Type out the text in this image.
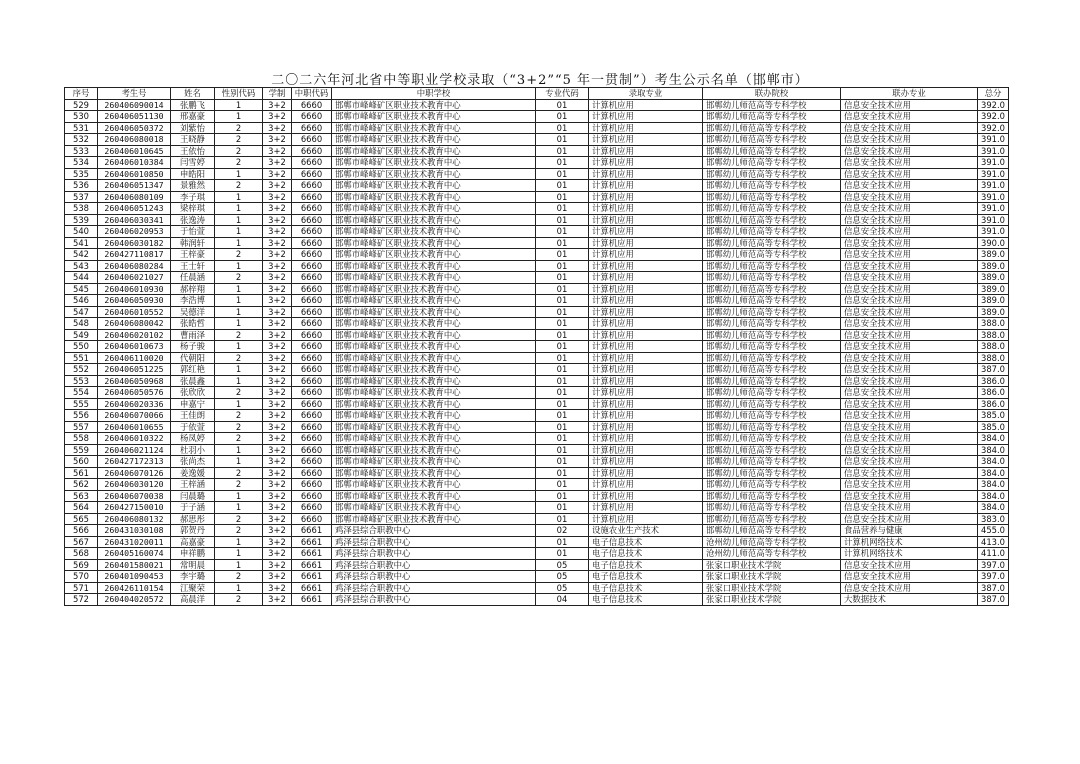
二〇二六年河北省中等职业学校录取（“3+2”“5 年一贯制”）考生公示名单（邯郸市）
序号	考生号	姓名	性别代码	学制	中职代码	中职学校	专业代码	录取专业	联办院校	联办专业	总分
529	260406090014	张鹏飞	1	3+2	6660	邯郸市峰峰矿区职业技术教育中心	01	计算机应用	邯郸幼儿师范高等专科学校	信息安全技术应用	392.0
530	260406051130	邢嘉豪	1	3+2	6660	邯郸市峰峰矿区职业技术教育中心	01	计算机应用	邯郸幼儿师范高等专科学校	信息安全技术应用	392.0
531	260406050372	刘紫怡	2	3+2	6660	邯郸市峰峰矿区职业技术教育中心	01	计算机应用	邯郸幼儿师范高等专科学校	信息安全技术应用	392.0
532	260406080018	王晓静	2	3+2	6660	邯郸市峰峰矿区职业技术教育中心	01	计算机应用	邯郸幼儿师范高等专科学校	信息安全技术应用	391.0
533	260406010645	王依怡	2	3+2	6660	邯郸市峰峰矿区职业技术教育中心	01	计算机应用	邯郸幼儿师范高等专科学校	信息安全技术应用	391.0
534	260406010384	闫雪婷	2	3+2	6660	邯郸市峰峰矿区职业技术教育中心	01	计算机应用	邯郸幼儿师范高等专科学校	信息安全技术应用	391.0
535	260406010850	申皓阳	1	3+2	6660	邯郸市峰峰矿区职业技术教育中心	01	计算机应用	邯郸幼儿师范高等专科学校	信息安全技术应用	391.0
536	260406051347	景雅然	2	3+2	6660	邯郸市峰峰矿区职业技术教育中心	01	计算机应用	邯郸幼儿师范高等专科学校	信息安全技术应用	391.0
537	260406080109	李子琪	1	3+2	6660	邯郸市峰峰矿区职业技术教育中心	01	计算机应用	邯郸幼儿师范高等专科学校	信息安全技术应用	391.0
538	260406051243	梁梓琪	1	3+2	6660	邯郸市峰峰矿区职业技术教育中心	01	计算机应用	邯郸幼儿师范高等专科学校	信息安全技术应用	391.0
539	260406030341	张逸涛	1	3+2	6660	邯郸市峰峰矿区职业技术教育中心	01	计算机应用	邯郸幼儿师范高等专科学校	信息安全技术应用	391.0
540	260406020953	于怡萱	1	3+2	6660	邯郸市峰峰矿区职业技术教育中心	01	计算机应用	邯郸幼儿师范高等专科学校	信息安全技术应用	391.0
541	260406030182	韩润轩	1	3+2	6660	邯郸市峰峰矿区职业技术教育中心	01	计算机应用	邯郸幼儿师范高等专科学校	信息安全技术应用	390.0
542	260427110817	王梓豪	2	3+2	6660	邯郸市峰峰矿区职业技术教育中心	01	计算机应用	邯郸幼儿师范高等专科学校	信息安全技术应用	389.0
543	260406080284	王士轩	1	3+2	6660	邯郸市峰峰矿区职业技术教育中心	01	计算机应用	邯郸幼儿师范高等专科学校	信息安全技术应用	389.0
544	260406021027	任晨涵	2	3+2	6660	邯郸市峰峰矿区职业技术教育中心	01	计算机应用	邯郸幼儿师范高等专科学校	信息安全技术应用	389.0
545	260406010930	郝梓翔	1	3+2	6660	邯郸市峰峰矿区职业技术教育中心	01	计算机应用	邯郸幼儿师范高等专科学校	信息安全技术应用	389.0
546	260406050930	李浩博	1	3+2	6660	邯郸市峰峰矿区职业技术教育中心	01	计算机应用	邯郸幼儿师范高等专科学校	信息安全技术应用	389.0
547	260406010552	吴德洋	1	3+2	6660	邯郸市峰峰矿区职业技术教育中心	01	计算机应用	邯郸幼儿师范高等专科学校	信息安全技术应用	389.0
548	260406080042	张皓哲	1	3+2	6660	邯郸市峰峰矿区职业技术教育中心	01	计算机应用	邯郸幼儿师范高等专科学校	信息安全技术应用	388.0
549	260406020102	曹雨泽	2	3+2	6660	邯郸市峰峰矿区职业技术教育中心	01	计算机应用	邯郸幼儿师范高等专科学校	信息安全技术应用	388.0
550	260406010673	杨子骏	1	3+2	6660	邯郸市峰峰矿区职业技术教育中心	01	计算机应用	邯郸幼儿师范高等专科学校	信息安全技术应用	388.0
551	260406110020	代朝阳	2	3+2	6660	邯郸市峰峰矿区职业技术教育中心	01	计算机应用	邯郸幼儿师范高等专科学校	信息安全技术应用	388.0
552	260406051225	郭红艳	1	3+2	6660	邯郸市峰峰矿区职业技术教育中心	01	计算机应用	邯郸幼儿师范高等专科学校	信息安全技术应用	387.0
553	260406050968	张晨鑫	1	3+2	6660	邯郸市峰峰矿区职业技术教育中心	01	计算机应用	邯郸幼儿师范高等专科学校	信息安全技术应用	386.0
554	260406050576	张欣欣	2	3+2	6660	邯郸市峰峰矿区职业技术教育中心	01	计算机应用	邯郸幼儿师范高等专科学校	信息安全技术应用	386.0
555	260406020336	申嘉宁	1	3+2	6660	邯郸市峰峰矿区职业技术教育中心	01	计算机应用	邯郸幼儿师范高等专科学校	信息安全技术应用	386.0
556	260406070066	王佳朗	2	3+2	6660	邯郸市峰峰矿区职业技术教育中心	01	计算机应用	邯郸幼儿师范高等专科学校	信息安全技术应用	385.0
557	260406010655	于依萱	2	3+2	6660	邯郸市峰峰矿区职业技术教育中心	01	计算机应用	邯郸幼儿师范高等专科学校	信息安全技术应用	385.0
558	260406010322	杨凤婷	2	3+2	6660	邯郸市峰峰矿区职业技术教育中心	01	计算机应用	邯郸幼儿师范高等专科学校	信息安全技术应用	384.0
559	260406021124	杜羽小	1	3+2	6660	邯郸市峰峰矿区职业技术教育中心	01	计算机应用	邯郸幼儿师范高等专科学校	信息安全技术应用	384.0
560	260427172313	张尚杰	1	3+2	6660	邯郸市峰峰矿区职业技术教育中心	01	计算机应用	邯郸幼儿师范高等专科学校	信息安全技术应用	384.0
561	260406070126	姜逸媛	2	3+2	6660	邯郸市峰峰矿区职业技术教育中心	01	计算机应用	邯郸幼儿师范高等专科学校	信息安全技术应用	384.0
562	260406030120	王梓涵	2	3+2	6660	邯郸市峰峰矿区职业技术教育中心	01	计算机应用	邯郸幼儿师范高等专科学校	信息安全技术应用	384.0
563	260406070038	闫晨璐	1	3+2	6660	邯郸市峰峰矿区职业技术教育中心	01	计算机应用	邯郸幼儿师范高等专科学校	信息安全技术应用	384.0
564	260427150010	于子涵	1	3+2	6660	邯郸市峰峰矿区职业技术教育中心	01	计算机应用	邯郸幼儿师范高等专科学校	信息安全技术应用	384.0
565	260406080132	郝思彤	2	3+2	6660	邯郸市峰峰矿区职业技术教育中心	01	计算机应用	邯郸幼儿师范高等专科学校	信息安全技术应用	383.0
566	260431030108	郭贺丹	2	3+2	6661	鸡泽县综合职教中心	02	设施农业生产技术	邯郸幼儿师范高等专科学校	食品营养与健康	455.0
567	260431020011	高嘉豪	1	3+2	6661	鸡泽县综合职教中心	01	电子信息技术	沧州幼儿师范高等专科学校	计算机网络技术	413.0
568	260405160074	申祥鹏	1	3+2	6661	鸡泽县综合职教中心	01	电子信息技术	沧州幼儿师范高等专科学校	计算机网络技术	411.0
569	260401580021	常明晨	1	3+2	6661	鸡泽县综合职教中心	05	电子信息技术	张家口职业技术学院	信息安全技术应用	397.0
570	260401090453	李宇璐	2	3+2	6661	鸡泽县综合职教中心	05	电子信息技术	张家口职业技术学院	信息安全技术应用	397.0
571	260426110154	江聚荣	1	3+2	6661	鸡泽县综合职教中心	05	电子信息技术	张家口职业技术学院	信息安全技术应用	387.0
572	260404020572	高晨洋	2	3+2	6661	鸡泽县综合职教中心	04	电子信息技术	张家口职业技术学院	大数据技术	387.0
